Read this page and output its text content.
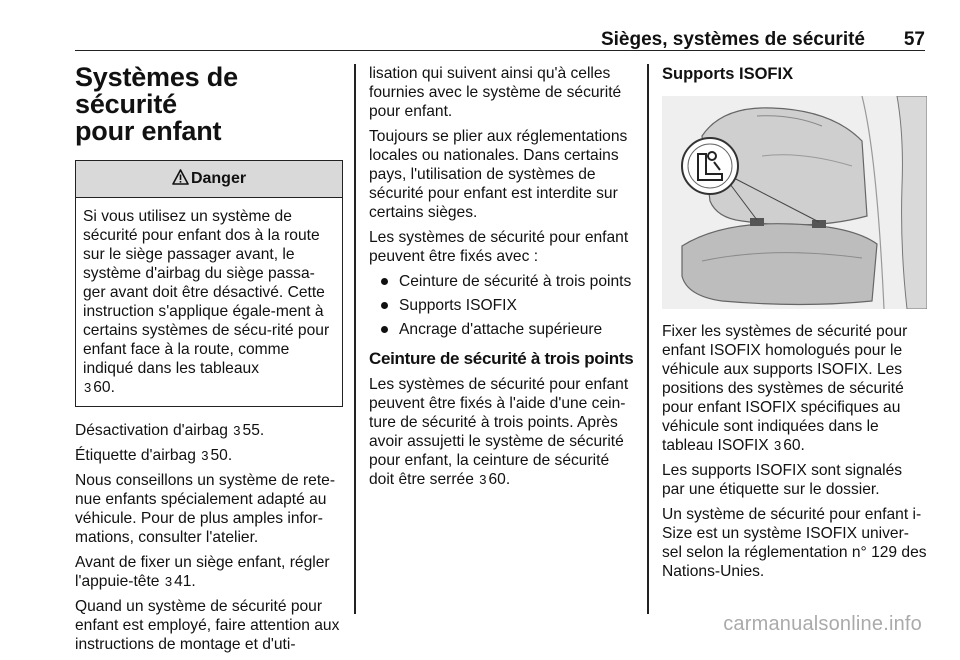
Sièges, systèmes de sécurité 57
Systèmes de sécurité
pour enfant
Danger
Si vous utilisez un système de sécurité pour enfant dos à la route sur le siège passager avant, le système d'airbag du siège passa-ger avant doit être désactivé. Cette instruction s'applique égale-ment à certains systèmes de sécu-rité pour enfant face à la route, comme indiqué dans les tableaux
3 60.

Désactivation d'airbag 3 55.

Étiquette d'airbag 3 50.

Nous conseillons un système de rete-nue enfants spécialement adapté au véhicule. Pour de plus amples infor-mations, consulter l'atelier.

Avant de fixer un siège enfant, régler l'appuie-tête 3 41.

Quand un système de sécurité pour enfant est employé, faire attention aux instructions de montage et d'uti-

lisation qui suivent ainsi qu'à celles fournies avec le système de sécurité pour enfant.

Toujours se plier aux réglementations locales ou nationales. Dans certains pays, l'utilisation de systèmes de sécurité pour enfant est interdite sur certains sièges.

Les systèmes de sécurité pour enfant peuvent être fixés avec :

Ceinture de sécurité à trois points
Supports ISOFIX
Ancrage d'attache supérieure
Ceinture de sécurité à trois points

Les systèmes de sécurité pour enfant peuvent être fixés à l'aide d'une cein-ture de sécurité à trois points. Après avoir assujetti le système de sécurité pour enfant, la ceinture de sécurité doit être serrée 3 60.

Supports ISOFIX

Fixer les systèmes de sécurité pour enfant ISOFIX homologués pour le véhicule aux supports ISOFIX. Les positions des systèmes de sécurité pour enfant ISOFIX spécifiques au véhicule sont indiquées dans le tableau ISOFIX 3 60.

Les supports ISOFIX sont signalés par une étiquette sur le dossier.

Un système de sécurité pour enfant i-Size est un système ISOFIX univer-sel selon la réglementation n° 129 des Nations-Unies.

carmanualsonline.info
